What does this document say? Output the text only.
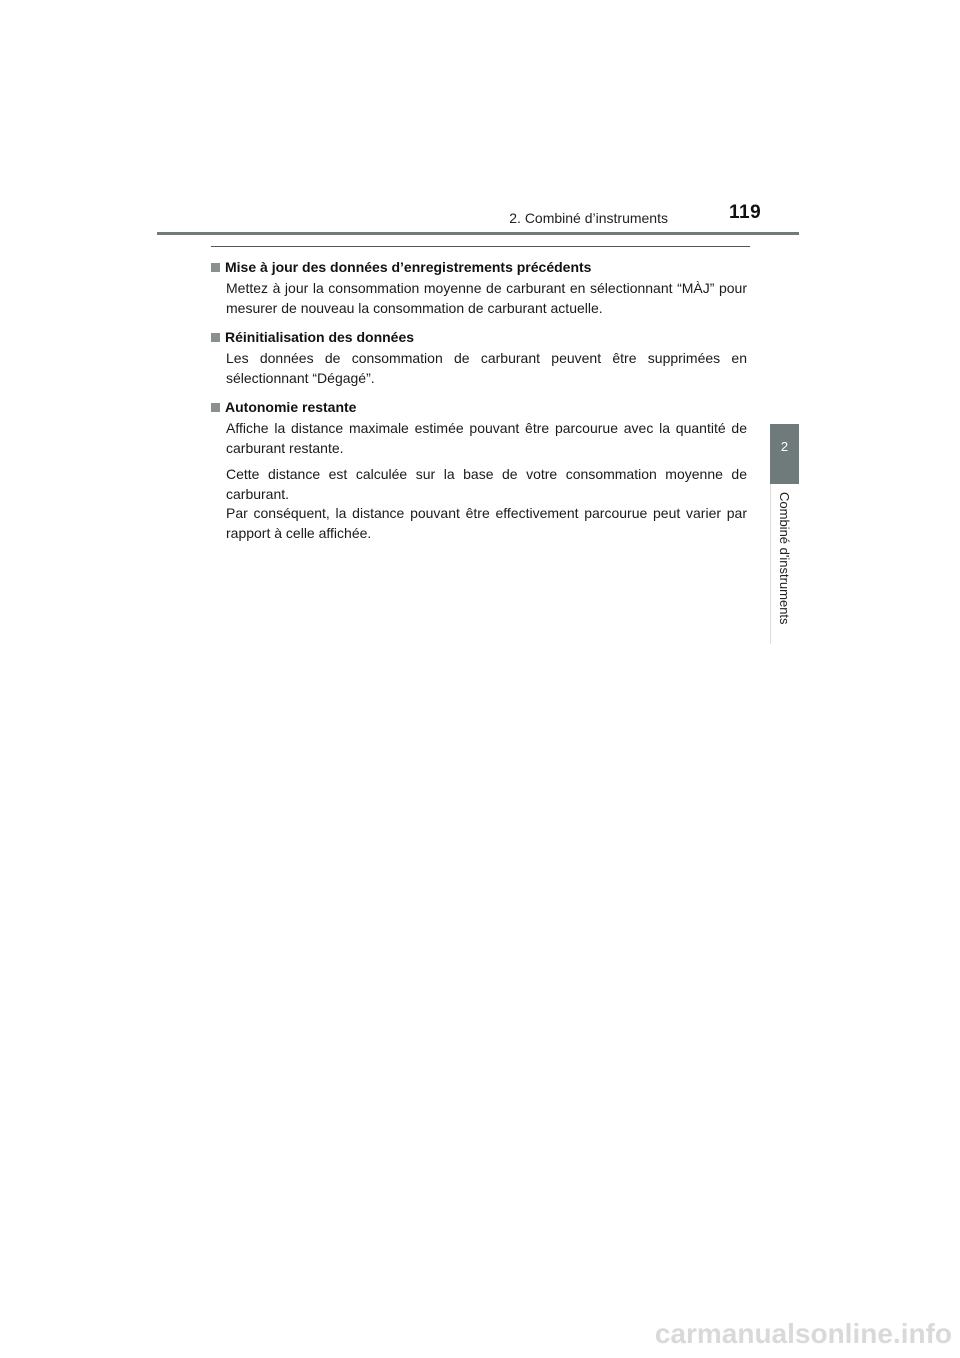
2. Combiné d’instruments	119
2
Combiné d'instruments
Mise à jour des données d’enregistrements précédents

Mettez à jour la consommation moyenne de carburant en sélectionnant “MÀJ” pour mesurer de nouveau la consommation de carburant actuelle.

Réinitialisation des données

Les données de consommation de carburant peuvent être supprimées en sélectionnant “Dégagé”.

Autonomie restante

Affiche la distance maximale estimée pouvant être parcourue avec la quantité de carburant restante.

Cette distance est calculée sur la base de votre consommation moyenne de carburant.
Par conséquent, la distance pouvant être effectivement parcourue peut varier par rapport à celle affichée.

carmanualsonline.info
